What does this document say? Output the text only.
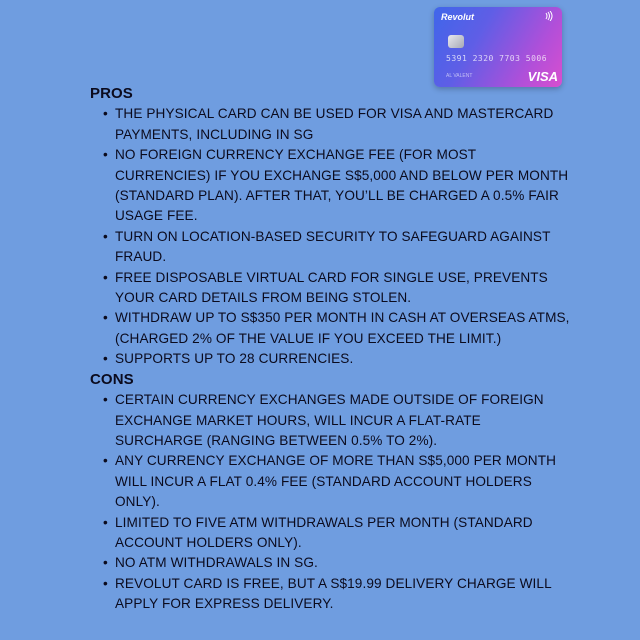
Revolut
5391 2320 7703 5006
AL VALENT	VISA
PROS
• THE PHYSICAL CARD CAN BE USED FOR VISA AND MASTERCARD PAYMENTS, INCLUDING IN SG
• NO FOREIGN CURRENCY EXCHANGE FEE (FOR MOST CURRENCIES) IF YOU EXCHANGE S$5,000 AND BELOW PER MONTH (STANDARD PLAN). AFTER THAT, YOU’LL BE CHARGED A 0.5% FAIR USAGE FEE.
• TURN ON LOCATION-BASED SECURITY TO SAFEGUARD AGAINST FRAUD.
• FREE DISPOSABLE VIRTUAL CARD FOR SINGLE USE, PREVENTS YOUR CARD DETAILS FROM BEING STOLEN.
• WITHDRAW UP TO S$350 PER MONTH IN CASH AT OVERSEAS ATMS, (CHARGED 2% OF THE VALUE IF YOU EXCEED THE LIMIT.)
• SUPPORTS UP TO 28 CURRENCIES.
CONS
• CERTAIN CURRENCY EXCHANGES MADE OUTSIDE OF FOREIGN EXCHANGE MARKET HOURS, WILL INCUR A FLAT-RATE SURCHARGE (RANGING BETWEEN 0.5% TO 2%).
• ANY CURRENCY EXCHANGE OF MORE THAN S$5,000 PER MONTH WILL INCUR A FLAT 0.4% FEE (STANDARD ACCOUNT HOLDERS ONLY).
• LIMITED TO FIVE ATM WITHDRAWALS PER MONTH (STANDARD ACCOUNT HOLDERS ONLY).
• NO ATM WITHDRAWALS IN SG.
• REVOLUT CARD IS FREE, BUT A S$19.99 DELIVERY CHARGE WILL APPLY FOR EXPRESS DELIVERY.
